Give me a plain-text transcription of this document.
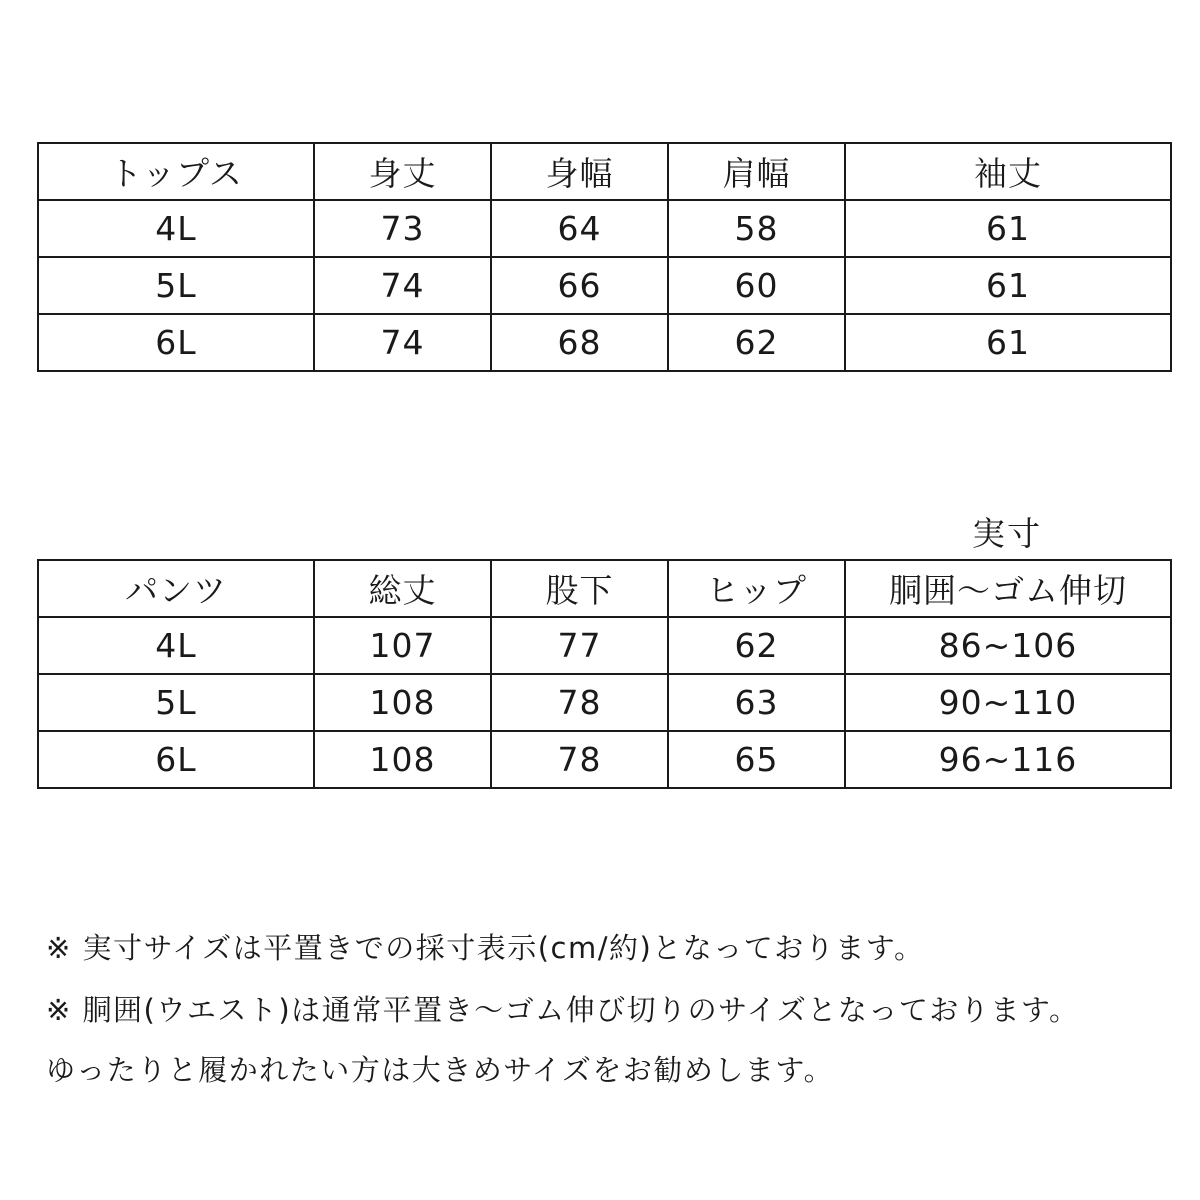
トップス	身丈	身幅	肩幅	袖丈
4L	73	64	58	61
5L	74	66	60	61
6L	74	68	62	61
実寸
パンツ	総丈	股下	ヒップ	胴囲〜ゴム伸切
4L	107	77	62	86~106
5L	108	78	63	90~110
6L	108	78	65	96~116
※ 実寸サイズは平置きでの採寸表示(cm/約)となっております。
※ 胴囲(ウエスト)は通常平置き〜ゴム伸び切りのサイズとなっております。
ゆったりと履かれたい方は大きめサイズをお勧めします。
